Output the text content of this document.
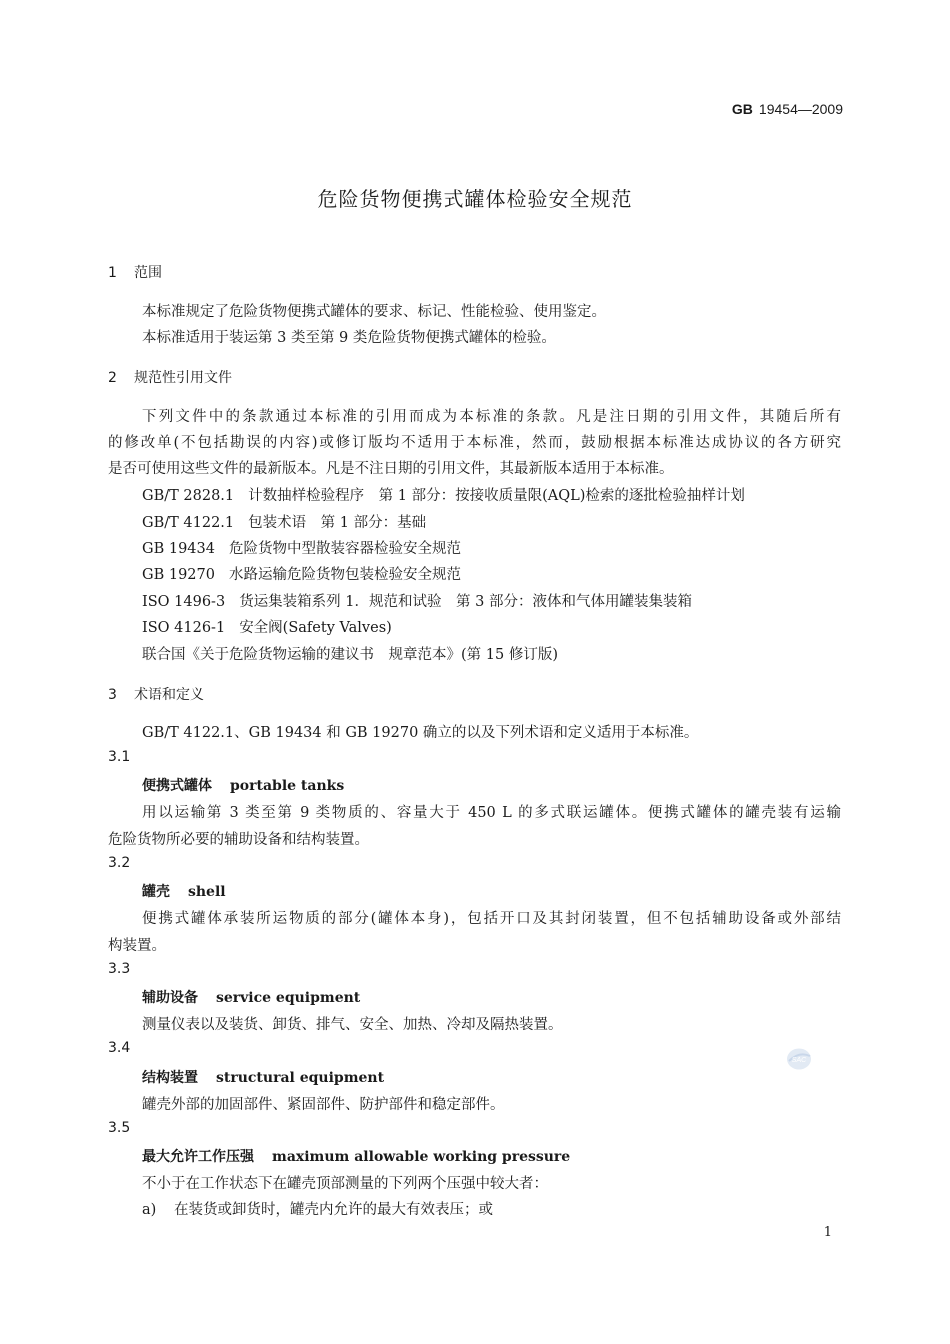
GB 19454—2009
危险货物便携式罐体检验安全规范
1 范围
本标准规定了危险货物便携式罐体的要求、标记、性能检验、使用鉴定。
本标准适用于装运第 3 类至第 9 类危险货物便携式罐体的检验。
2 规范性引用文件
下列文件中的条款通过本标准的引用而成为本标准的条款。凡是注日期的引用文件，其随后所有
的修改单(不包括勘误的内容)或修订版均不适用于本标准，然而，鼓励根据本标准达成协议的各方研究
是否可使用这些文件的最新版本。凡是不注日期的引用文件，其最新版本适用于本标准。
GB/T 2828.1 计数抽样检验程序　第 1 部分：按接收质量限(AQL)检索的逐批检验抽样计划
GB/T 4122.1 包装术语　第 1 部分：基础
GB 19434 危险货物中型散装容器检验安全规范
GB 19270 水路运输危险货物包装检验安全规范
ISO 1496-3 货运集装箱系列 1．规范和试验　第 3 部分：液体和气体用罐装集装箱
ISO 4126-1 安全阀(Safety Valves)
联合国《关于危险货物运输的建议书　规章范本》(第 15 修订版)
3 术语和定义
GB/T 4122.1、GB 19434 和 GB 19270 确立的以及下列术语和定义适用于本标准。
3.1
便携式罐体 portable tanks
用以运输第 3 类至第 9 类物质的、容量大于 450 L 的多式联运罐体。便携式罐体的罐壳装有运输
危险货物所必要的辅助设备和结构装置。
3.2
罐壳 shell
便携式罐体承装所运物质的部分(罐体本身)，包括开口及其封闭装置，但不包括辅助设备或外部结
构装置。
3.3
辅助设备 service equipment
测量仪表以及装货、卸货、排气、安全、加热、冷却及隔热装置。
3.4
结构装置 structural equipment
罐壳外部的加固部件、紧固部件、防护部件和稳定部件。
3.5
最大允许工作压强 maximum allowable working pressure
不小于在工作状态下在罐壳顶部测量的下列两个压强中较大者：
a) 在装货或卸货时，罐壳内允许的最大有效表压；或
SAC
1
